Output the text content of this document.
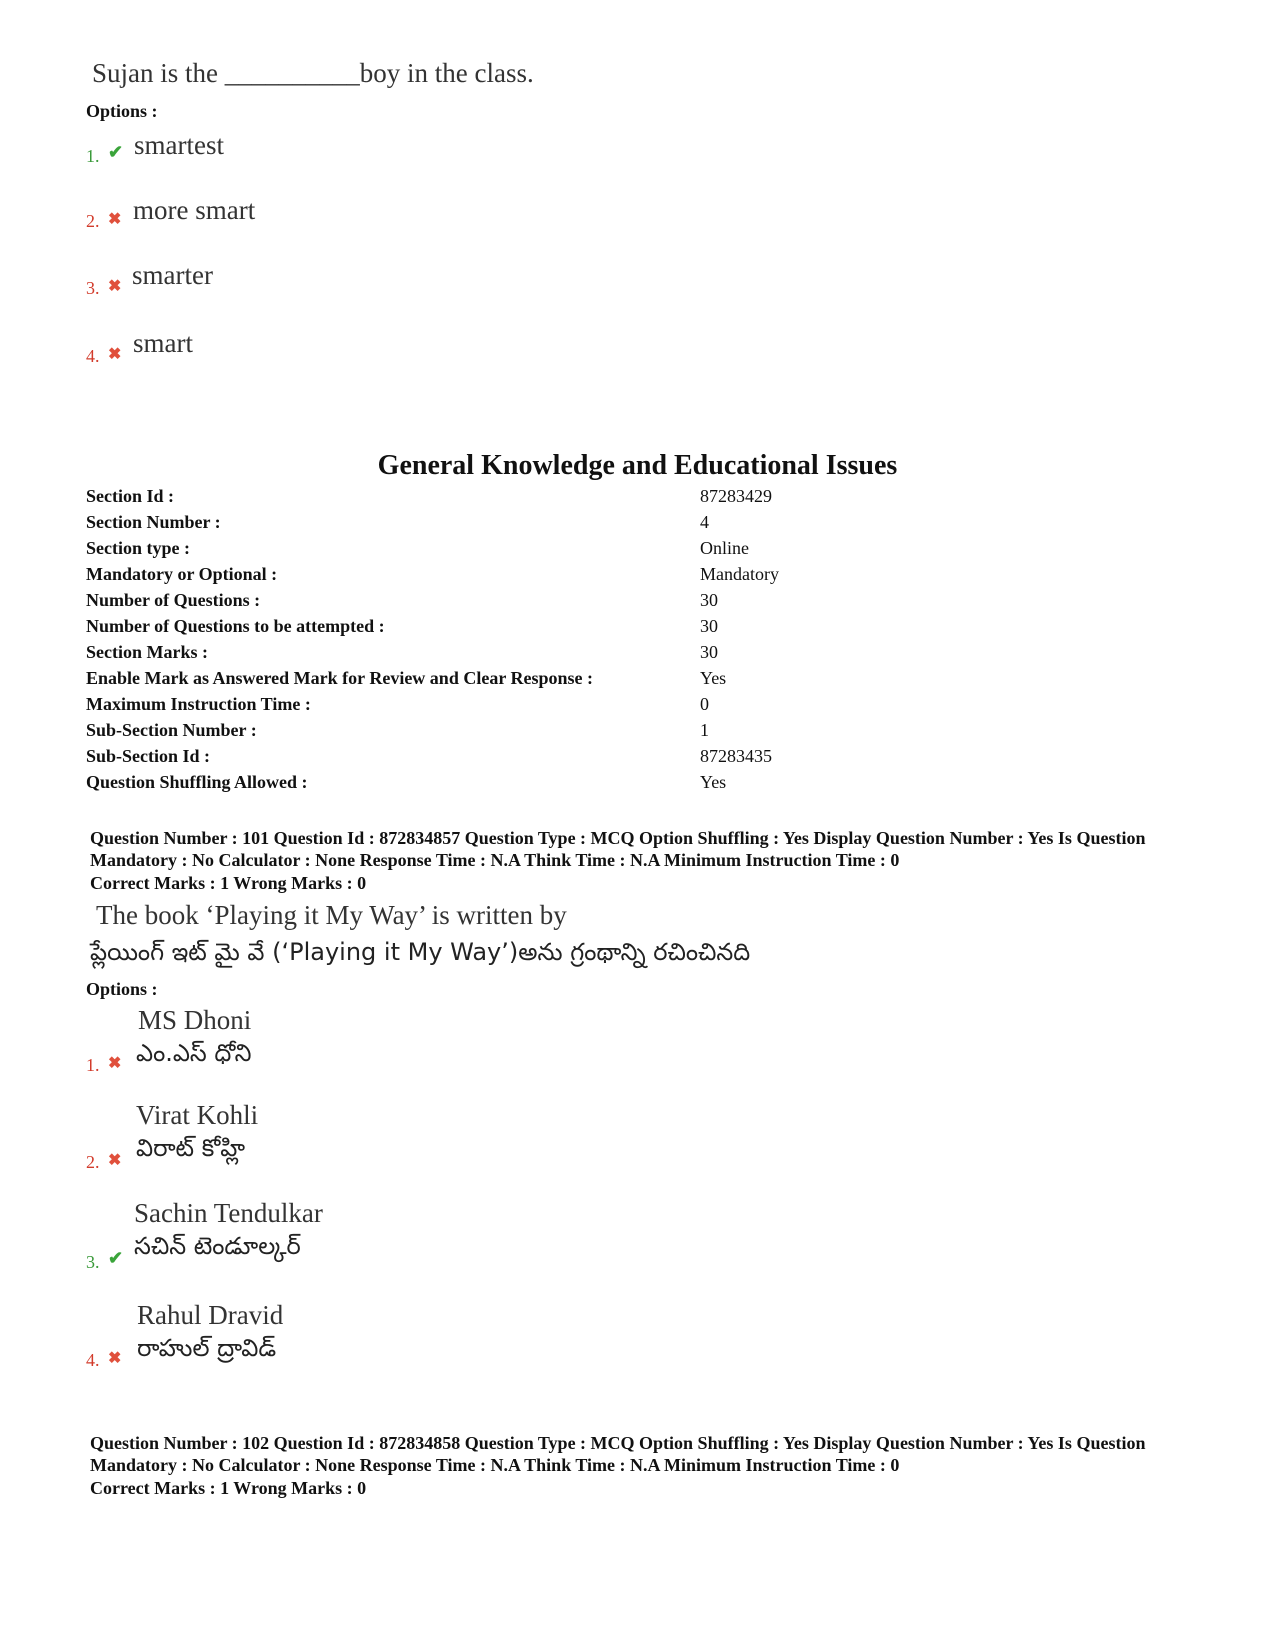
Sujan is the __________boy in the class.
Options :
1. ✔ smartest
2. ✖ more smart
3. ✖ smarter
4. ✖ smart
General Knowledge and Educational Issues
Section Id :	87283429
Section Number :	4
Section type :	Online
Mandatory or Optional :	Mandatory
Number of Questions :	30
Number of Questions to be attempted :	30
Section Marks :	30
Enable Mark as Answered Mark for Review and Clear Response :	Yes
Maximum Instruction Time :	0
Sub-Section Number :	1
Sub-Section Id :	87283435
Question Shuffling Allowed :	Yes
Question Number : 101 Question Id : 872834857 Question Type : MCQ Option Shuffling : Yes Display Question Number : Yes Is Question Mandatory : No Calculator : None Response Time : N.A Think Time : N.A Minimum Instruction Time : 0
Correct Marks : 1 Wrong Marks : 0
The book ‘Playing it My Way’ is written by
ప్లేయింగ్ ఇట్ మై వే (‘Playing it My Way’)అను గ్రంథాన్ని రచించినది
Options :
MS Dhoni
ఎం.ఎస్ ధోని
1. ✖
Virat Kohli
విరాట్ కోహ్లి
2. ✖
Sachin Tendulkar
సచిన్ టెండూల్కర్
3. ✔
Rahul Dravid
రాహుల్ ద్రావిడ్
4. ✖
Question Number : 102 Question Id : 872834858 Question Type : MCQ Option Shuffling : Yes Display Question Number : Yes Is Question Mandatory : No Calculator : None Response Time : N.A Think Time : N.A Minimum Instruction Time : 0
Correct Marks : 1 Wrong Marks : 0
